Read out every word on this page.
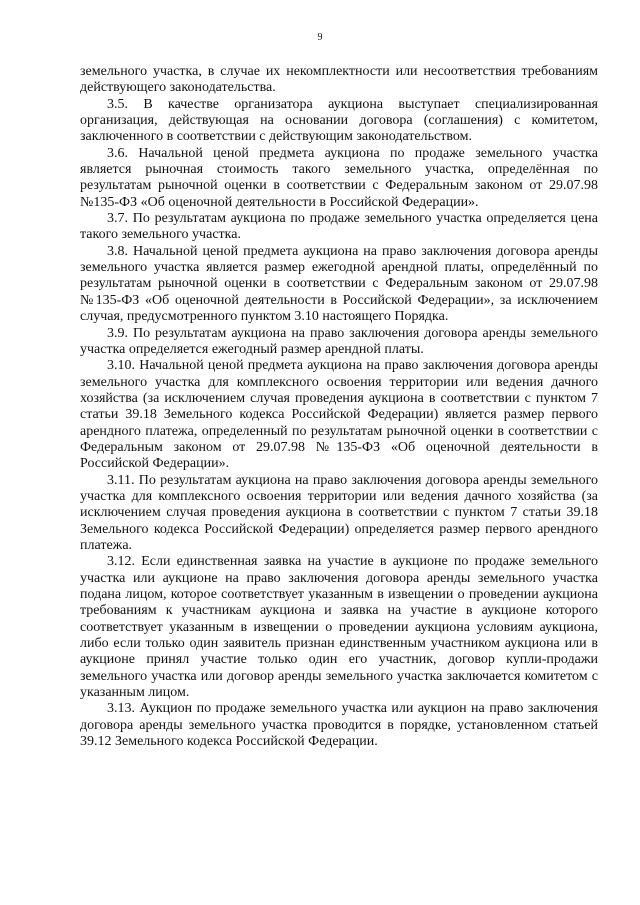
9

земельного участка, в случае их некомплектности или несоответствия требованиям действующего законодательства.

3.5. В качестве организатора аукциона выступает специализированная организация, действующая на основании договора (соглашения) с комитетом, заключенного в соответствии с действующим законодательством.

3.6. Начальной ценой предмета аукциона по продаже земельного участка является рыночная стоимость такого земельного участка, определённая по результатам рыночной оценки в соответствии с Федеральным законом от 29.07.98 №135-ФЗ «Об оценочной деятельности в Российской Федерации».

3.7. По результатам аукциона по продаже земельного участка определяется цена такого земельного участка.

3.8. Начальной ценой предмета аукциона на право заключения договора аренды земельного участка является размер ежегодной арендной платы, определённый по результатам рыночной оценки в соответствии с Федеральным законом от 29.07.98 №135-ФЗ «Об оценочной деятельности в Российской Федерации», за исключением случая, предусмотренного пунктом 3.10 настоящего Порядка.

3.9. По результатам аукциона на право заключения договора аренды земельного участка определяется ежегодный размер арендной платы.

3.10. Начальной ценой предмета аукциона на право заключения договора аренды земельного участка для комплексного освоения территории или ведения дачного хозяйства (за исключением случая проведения аукциона в соответствии с пунктом 7 статьи 39.18 Земельного кодекса Российской Федерации) является размер первого арендного платежа, определенный по результатам рыночной оценки в соответствии с Федеральным законом от 29.07.98 №135-ФЗ «Об оценочной деятельности в Российской Федерации».

3.11. По результатам аукциона на право заключения договора аренды земельного участка для комплексного освоения территории или ведения дачного хозяйства (за исключением случая проведения аукциона в соответствии с пунктом 7 статьи 39.18 Земельного кодекса Российской Федерации) определяется размер первого арендного платежа.

3.12. Если единственная заявка на участие в аукционе по продаже земельного участка или аукционе на право заключения договора аренды земельного участка подана лицом, которое соответствует указанным в извещении о проведении аукциона требованиям к участникам аукциона и заявка на участие в аукционе которого соответствует указанным в извещении о проведении аукциона условиям аукциона, либо если только один заявитель признан единственным участником аукциона или в аукционе принял участие только один его участник, договор купли-продажи земельного участка или договор аренды земельного участка заключается комитетом с указанным лицом.

3.13. Аукцион по продаже земельного участка или аукцион на право заключения договора аренды земельного участка проводится в порядке, установленном статьей 39.12 Земельного кодекса Российской Федерации.
